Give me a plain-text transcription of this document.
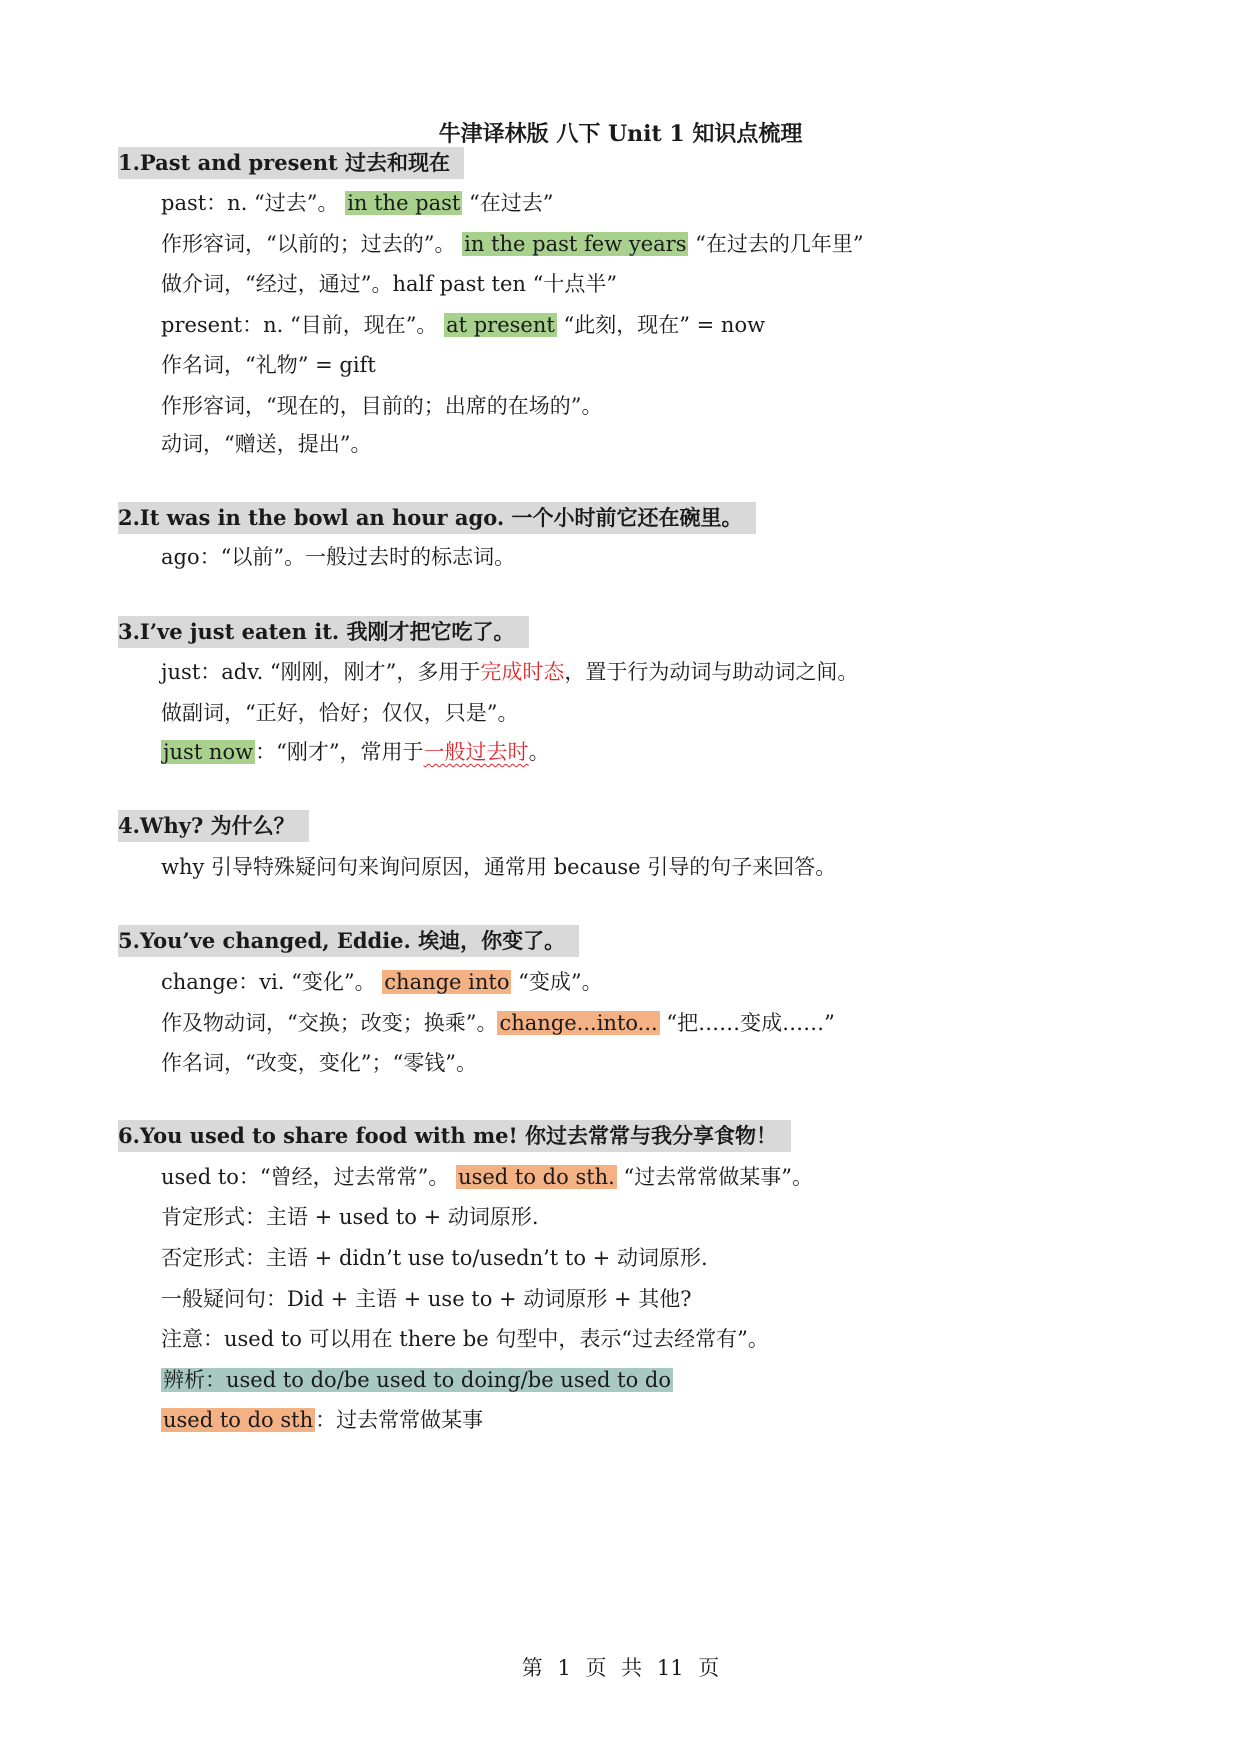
牛津译林版 八下 Unit 1 知识点梳理
1.Past and present 过去和现在
past：n. “过去”。 in the past “在过去”
作形容词，“以前的；过去的”。 in the past few years “在过去的几年里”
做介词，“经过，通过”。half past ten “十点半”
present：n. “目前，现在”。 at present “此刻，现在” = now
作名词，“礼物” = gift
作形容词，“现在的，目前的；出席的在场的”。
动词，“赠送，提出”。
2.It was in the bowl an hour ago. 一个小时前它还在碗里。
ago：“以前”。一般过去时的标志词。
3.I’ve just eaten it. 我刚才把它吃了。
just：adv. “刚刚，刚才”，多用于完成时态，置于行为动词与助动词之间。
做副词，“正好，恰好；仅仅，只是”。
just now：“刚才”，常用于一般过去时。
4.Why? 为什么？
why 引导特殊疑问句来询问原因，通常用 because 引导的句子来回答。
5.You’ve changed, Eddie. 埃迪，你变了。
change：vi. “变化”。 change into “变成”。
作及物动词，“交换；改变；换乘”。change...into... “把……变成……”
作名词，“改变，变化”；“零钱”。
6.You used to share food with me! 你过去常常与我分享食物！
used to：“曾经，过去常常”。 used to do sth. “过去常常做某事”。
肯定形式：主语 + used to + 动词原形.
否定形式：主语 + didn’t use to/usedn’t to + 动词原形.
一般疑问句：Did + 主语 + use to + 动词原形 + 其他?
注意：used to 可以用在 there be 句型中，表示“过去经常有”。
辨析：used to do/be used to doing/be used to do
used to do sth：过去常常做某事
第 1 页 共 11 页
